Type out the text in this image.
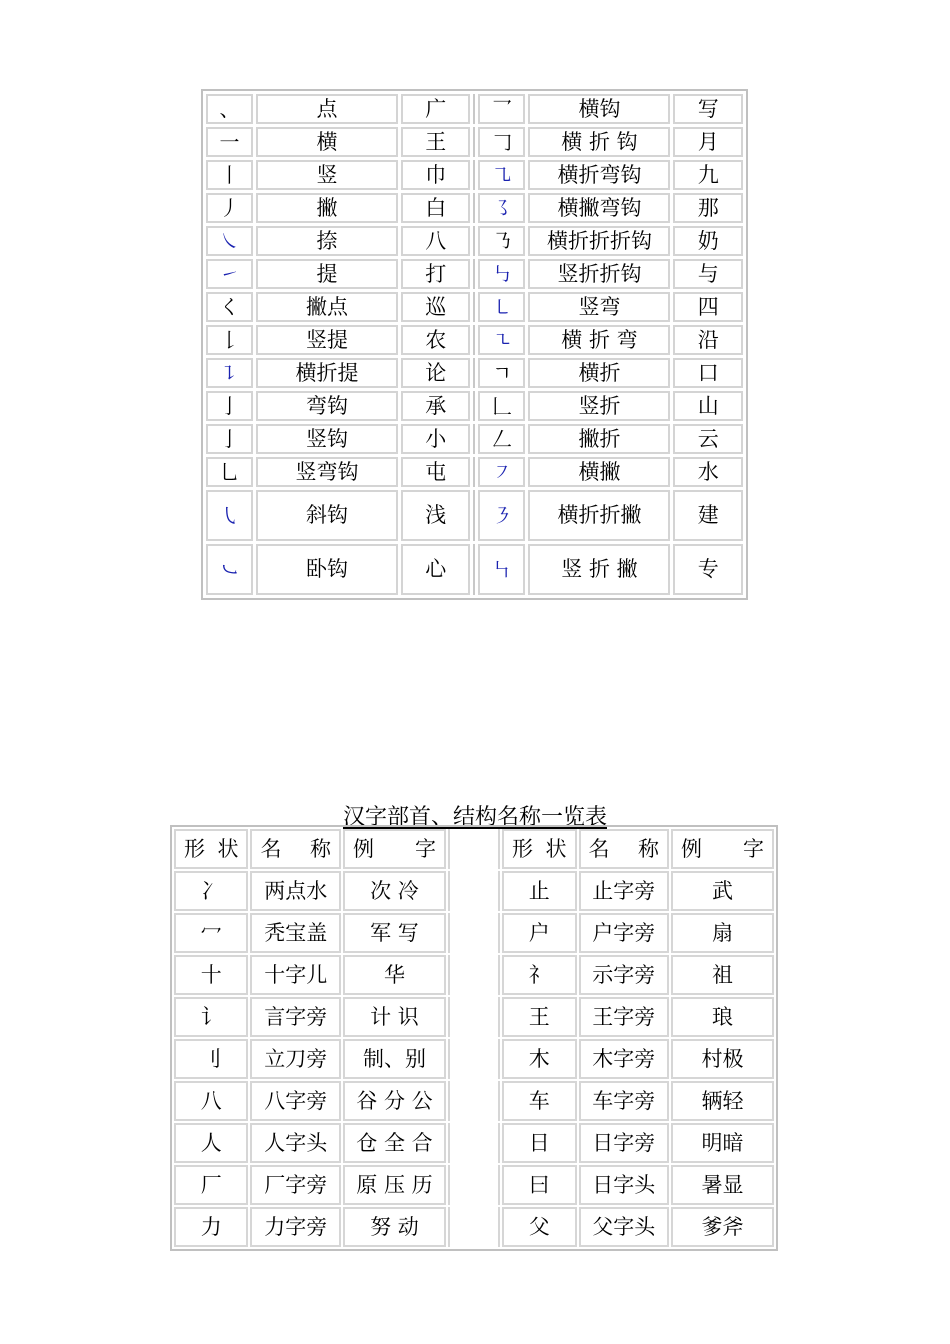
、	点	广		乛	横钩	写
一	横	王		𠃌	横 折 钩	月
丨	竖	巾		㇈	横折弯钩	九
丿	撇	白		㇌	横撇弯钩	那
㇏	捺	八		㇡	横折折折钩	奶
㇀	提	打		㇉	竖折折钩	与
く	撇点	巡		㇄	竖弯	四
𠄌	竖提	农		㇍	横 折 弯	沿
㇊	横折提	论		ㄱ	横折	口
亅	弯钩	承		𠃊	竖折	山
亅	竖钩	小		𠃋	撇折	云
乚	竖弯钩	屯		㇇	横撇	水
㇂	斜钩	浅		㇋	横折折撇	建
㇃	卧钩	心		㇞	竖 折 撇	专
汉字部首、结构名称一览表
形 状	名 称	例 字		形 状	名 称	例 字

冫	两点水	次 冷		止	止字旁	武
冖	秃宝盖	军 写		户	户字旁	扇
十	十字儿	华		礻	示字旁	祖
讠	言字旁	计 识		王	王字旁	琅
刂	立刀旁	制、别		木	木字旁	村极
八	八字旁	谷 分 公		车	车字旁	辆轻
人	人字头	仓 全 合		日	日字旁	明暗
厂	厂字旁	原 压 历		曰	日字头	暑显
力	力字旁	努 动		父	父字头	爹斧
